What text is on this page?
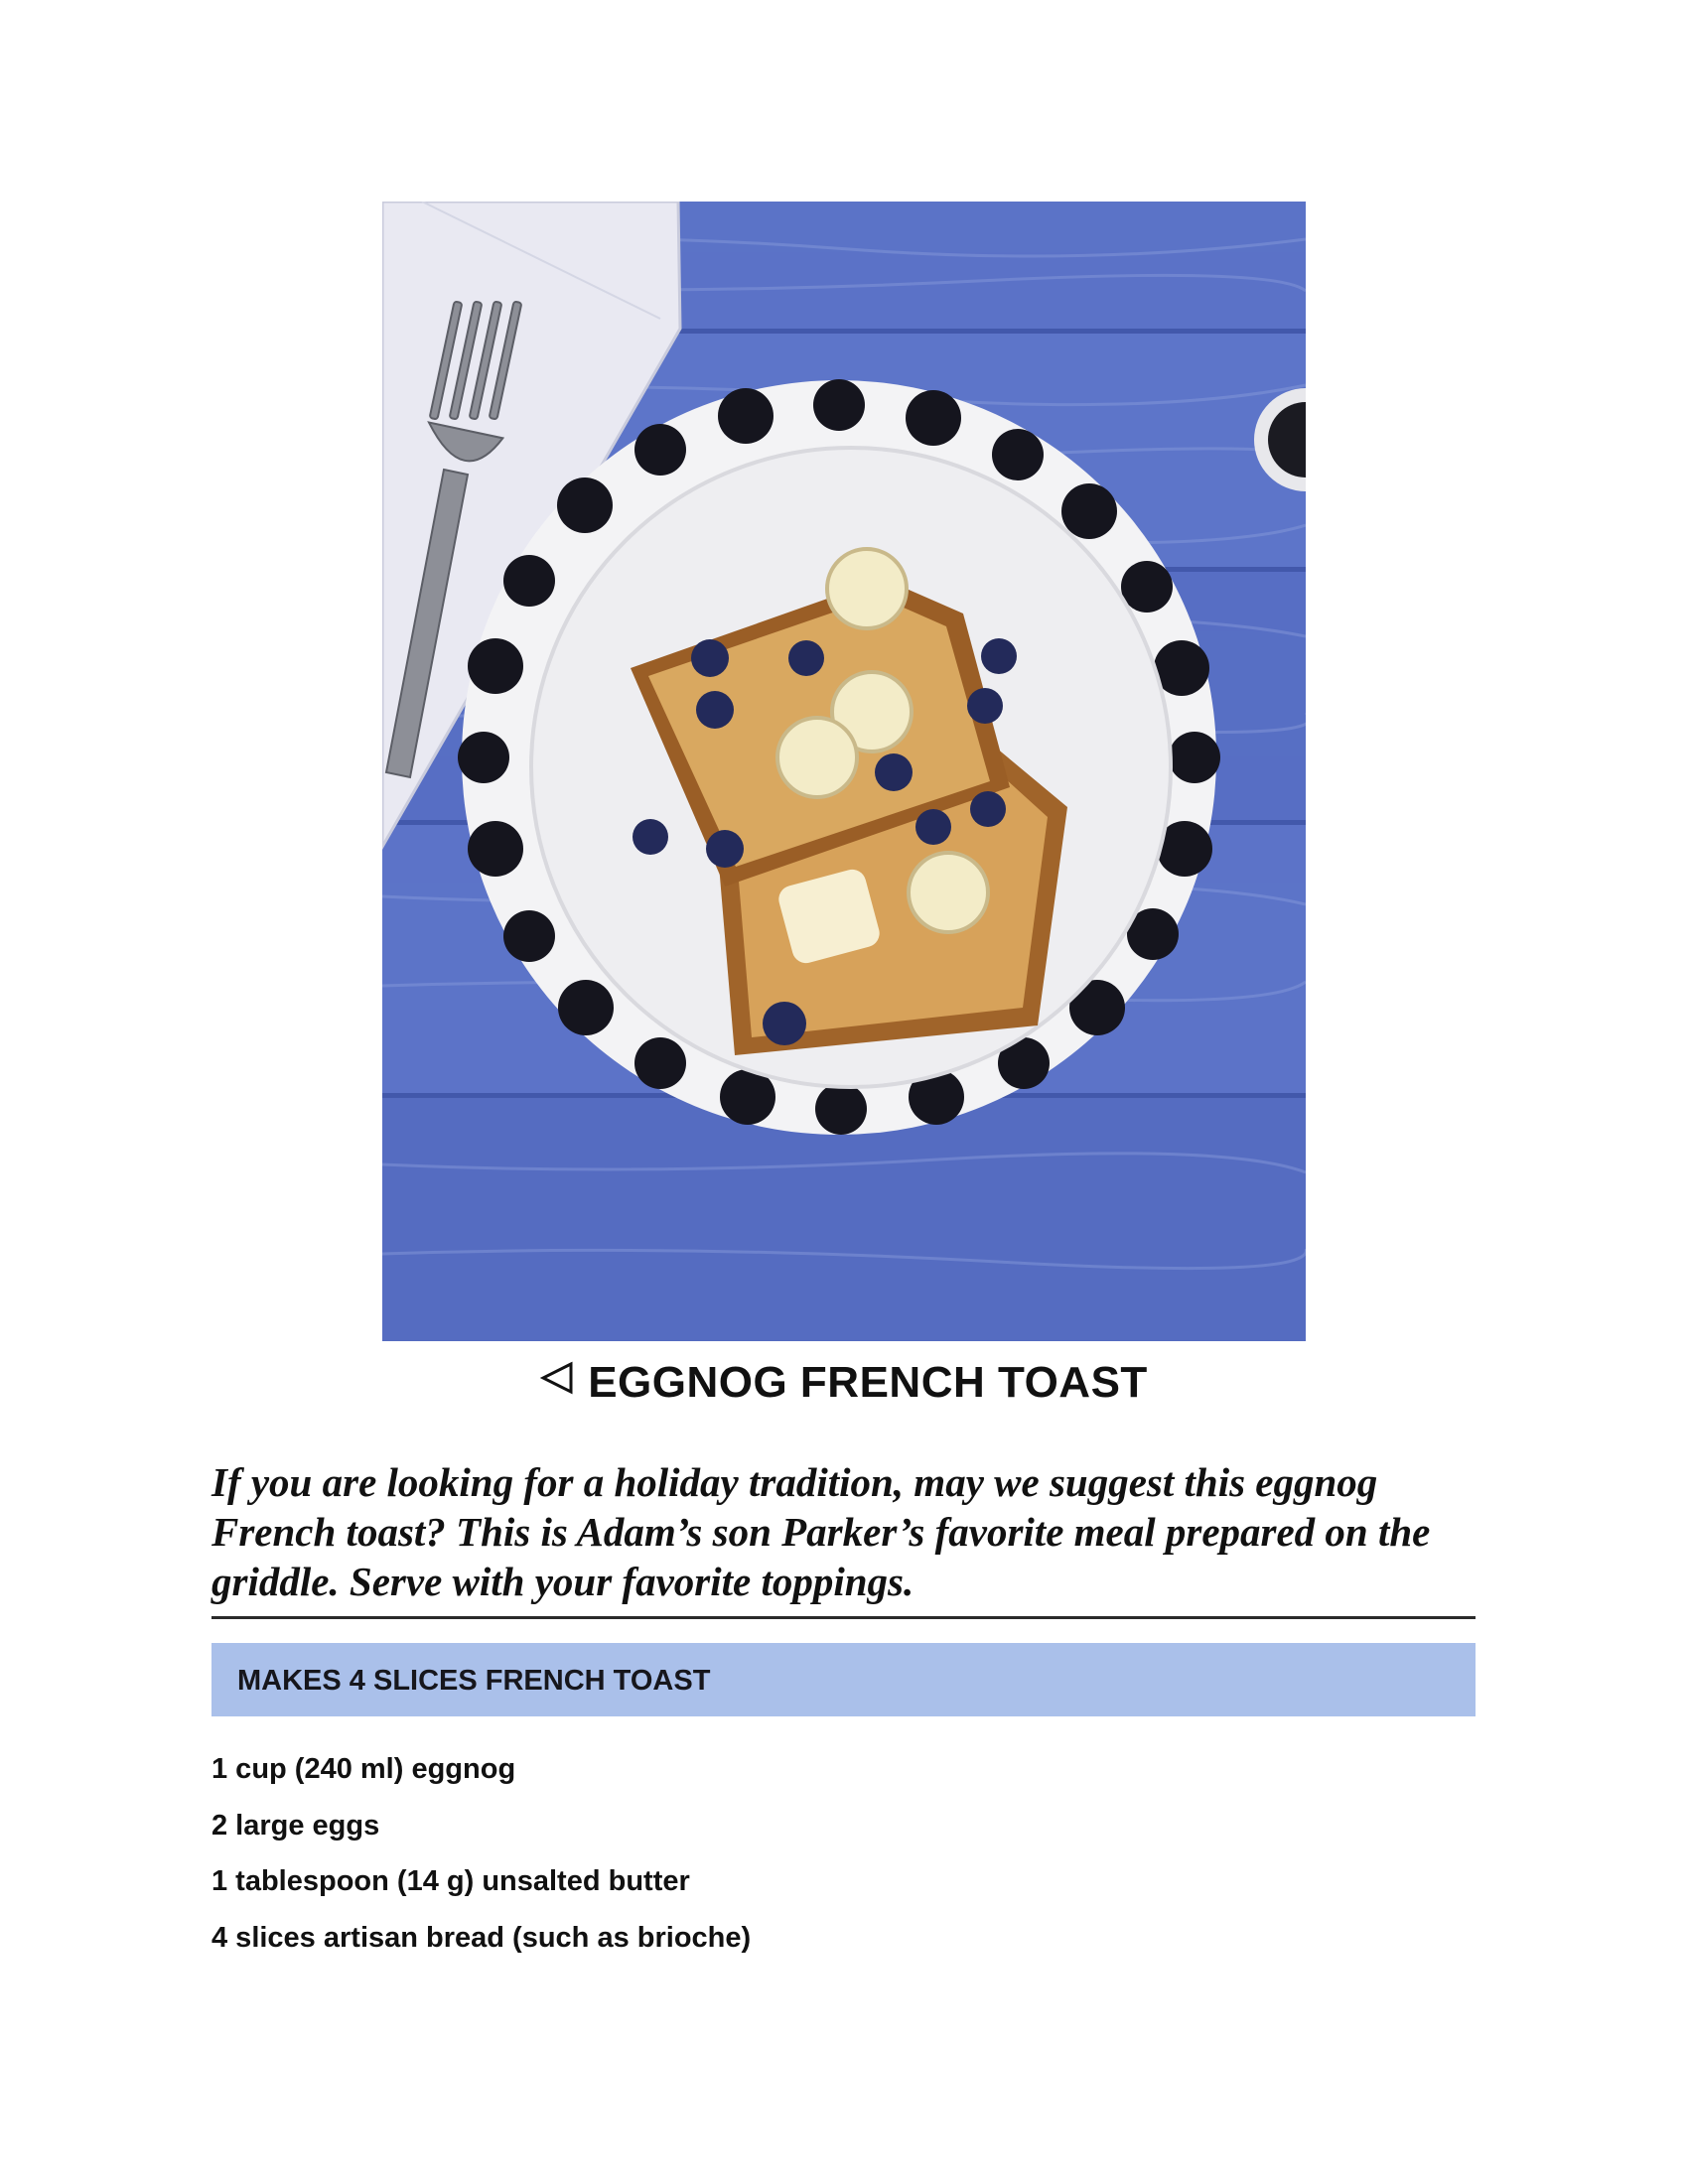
EGGNOG FRENCH TOAST
If you are looking for a holiday tradition, may we suggest this eggnog French toast? This is Adam’s son Parker’s favorite meal prepared on the griddle. Serve with your favorite toppings.
MAKES 4 SLICES FRENCH TOAST
1 cup (240 ml) eggnog
2 large eggs
1 tablespoon (14 g) unsalted butter
4 slices artisan bread (such as brioche)
